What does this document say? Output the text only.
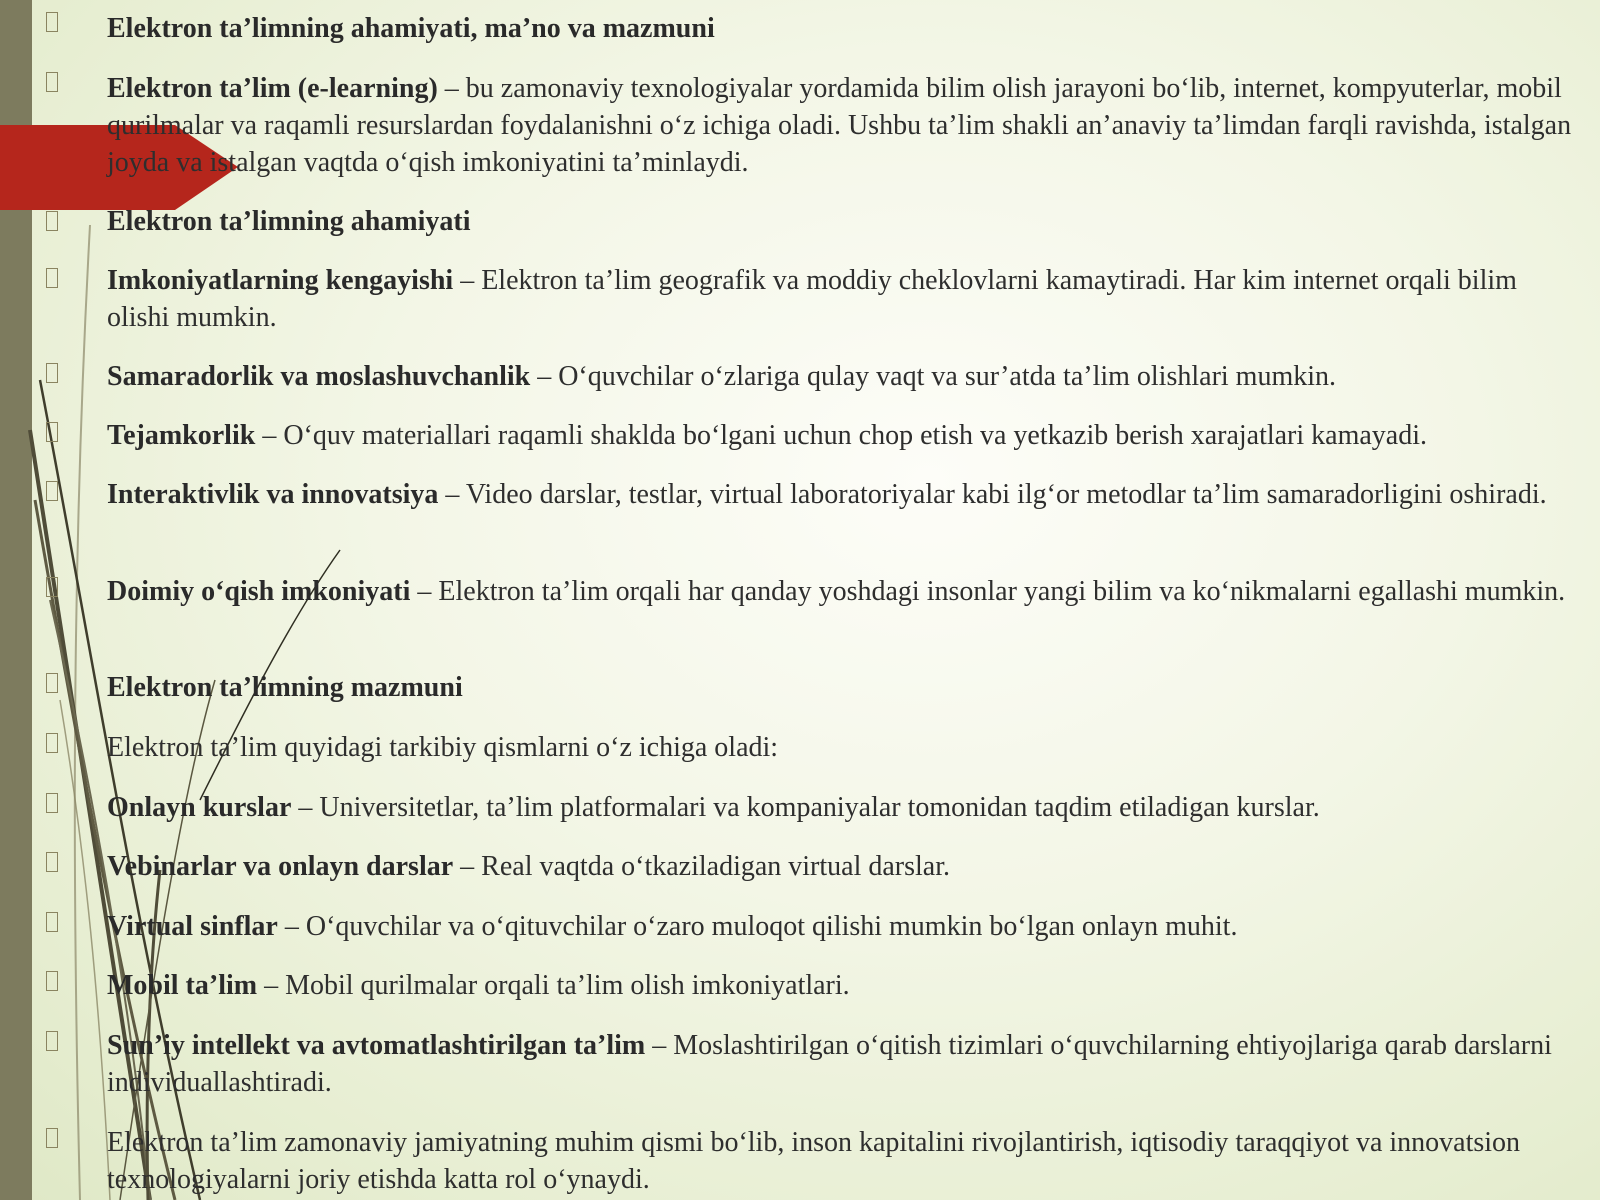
Elektron ta’limning ahamiyati, ma’no va mazmuni

Elektron ta’lim (e-learning) – bu zamonaviy texnologiyalar yordamida bilim olish jarayoni bo‘lib, internet, kompyuterlar, mobil qurilmalar va raqamli resurslardan foydalanishni o‘z ichiga oladi. Ushbu ta’lim shakli an’anaviy ta’limdan farqli ravishda, istalgan joyda va istalgan vaqtda o‘qish imkoniyatini ta’minlaydi.

Elektron ta’limning ahamiyati

Imkoniyatlarning kengayishi – Elektron ta’lim geografik va moddiy cheklovlarni kamaytiradi. Har kim internet orqali bilim olishi mumkin.

Samaradorlik va moslashuvchanlik – O‘quvchilar o‘zlariga qulay vaqt va sur’atda ta’lim olishlari mumkin.

Tejamkorlik – O‘quv materiallari raqamli shaklda bo‘lgani uchun chop etish va yetkazib berish xarajatlari kamayadi.

Interaktivlik va innovatsiya – Video darslar, testlar, virtual laboratoriyalar kabi ilg‘or metodlar ta’lim samaradorligini oshiradi.

Doimiy o‘qish imkoniyati – Elektron ta’lim orqali har qanday yoshdagi insonlar yangi bilim va ko‘nikmalarni egallashi mumkin.

Elektron ta’limning mazmuni

Elektron ta’lim quyidagi tarkibiy qismlarni o‘z ichiga oladi:

Onlayn kurslar – Universitetlar, ta’lim platformalari va kompaniyalar tomonidan taqdim etiladigan kurslar.

Vebinarlar va onlayn darslar – Real vaqtda o‘tkaziladigan virtual darslar.

Virtual sinflar – O‘quvchilar va o‘qituvchilar o‘zaro muloqot qilishi mumkin bo‘lgan onlayn muhit.

Mobil ta’lim – Mobil qurilmalar orqali ta’lim olish imkoniyatlari.

Sun’iy intellekt va avtomatlashtirilgan ta’lim – Moslashtirilgan o‘qitish tizimlari o‘quvchilarning ehtiyojlariga qarab darslarni individuallashtiradi.

Elektron ta’lim zamonaviy jamiyatning muhim qismi bo‘lib, inson kapitalini rivojlantirish, iqtisodiy taraqqiyot va innovatsion texnologiyalarni joriy etishda katta rol o‘ynaydi.
